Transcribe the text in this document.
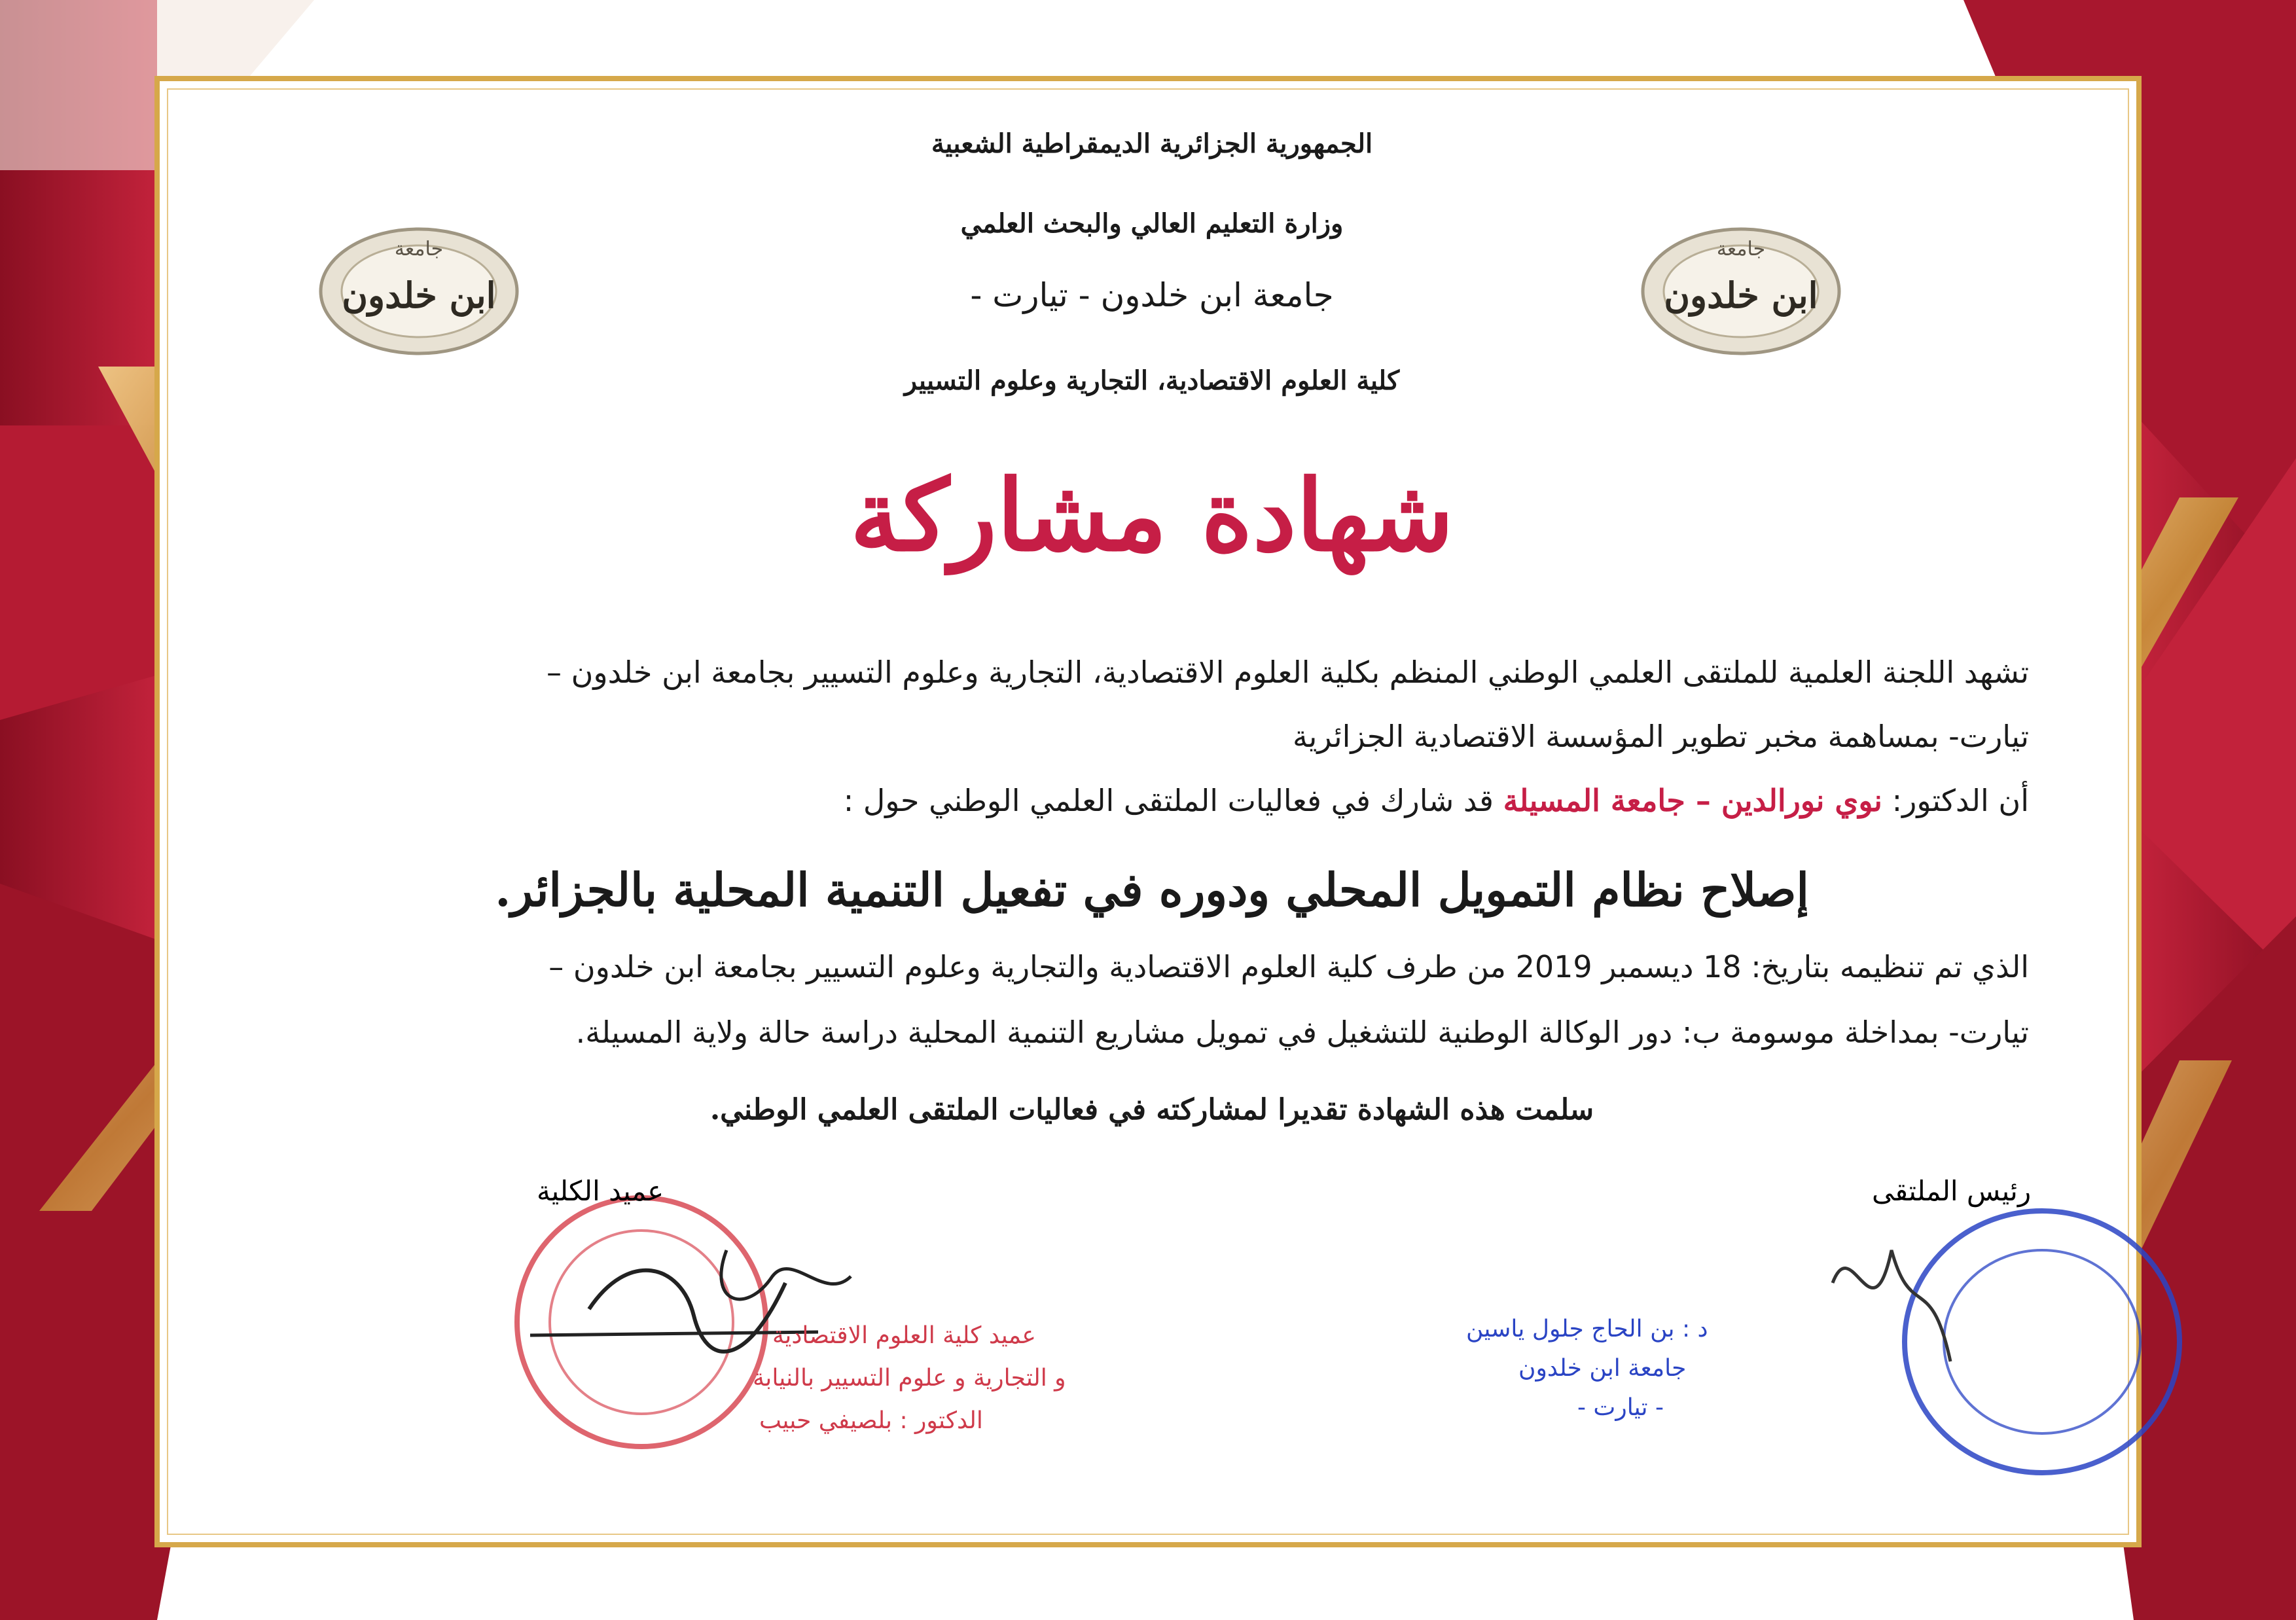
جامعة
ابن خلدون
جامعة
ابن خلدون
عميد كلية العلوم الاقتصادية
و التجارية و علوم التسيير بالنيابة
الدكتور : بلصيفي حبيب
د : بن الحاج جلول ياسين
جامعة ابن خلدون
- تيارت -
الجمهورية الجزائرية الديمقراطية الشعبية
وزارة التعليم العالي والبحث العلمي
جامعة ابن خلدون - تيارت -
كلية العلوم الاقتصادية، التجارية وعلوم التسيير
شهادة مشاركة
تشهد اللجنة العلمية للملتقى العلمي الوطني المنظم بكلية العلوم الاقتصادية، التجارية وعلوم التسيير بجامعة ابن خلدون –
تيارت- بمساهمة مخبر تطوير المؤسسة الاقتصادية الجزائرية
أن الدكتور: نوي نورالدين – جامعة المسيلة قد شارك في فعاليات الملتقى العلمي الوطني حول :
إصلاح نظام التمويل المحلي ودوره في تفعيل التنمية المحلية بالجزائر.
الذي تم تنظيمه بتاريخ: 18 ديسمبر 2019 من طرف كلية العلوم الاقتصادية والتجارية وعلوم التسيير بجامعة ابن خلدون –
تيارت- بمداخلة موسومة ب: دور الوكالة الوطنية للتشغيل في تمويل مشاريع التنمية المحلية دراسة حالة ولاية المسيلة.
سلمت هذه الشهادة تقديرا لمشاركته في فعاليات الملتقى العلمي الوطني.
عميد الكلية	رئيس الملتقى
